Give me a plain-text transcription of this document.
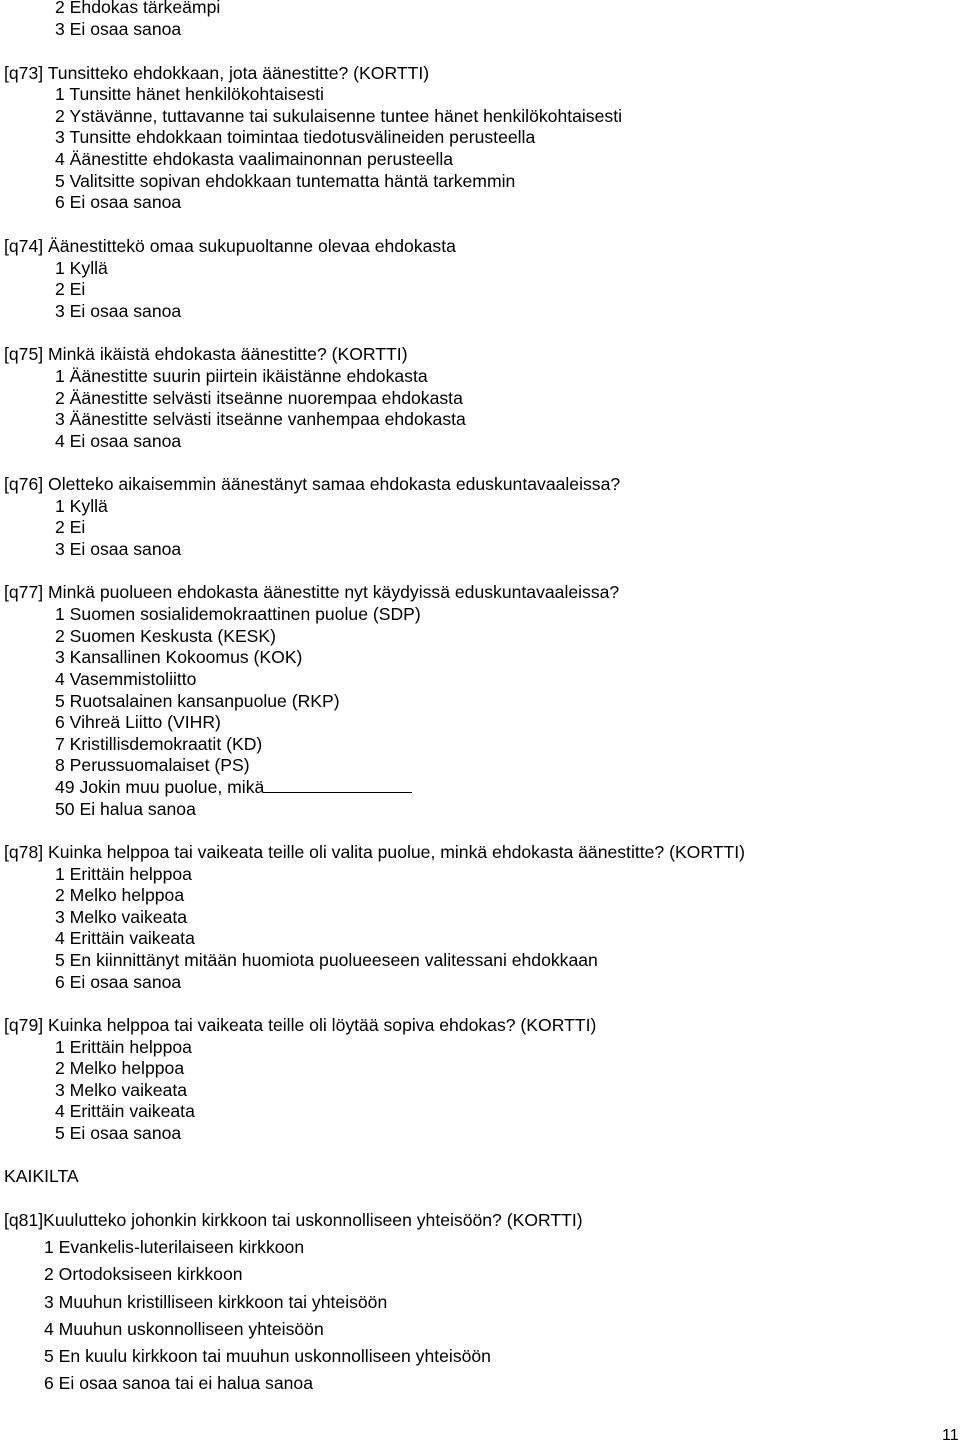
2 Ehdokas tärkeämpi
3 Ei osaa sanoa
[q73] Tunsitteko ehdokkaan, jota äänestitte? (KORTTI)
1 Tunsitte hänet henkilökohtaisesti
2 Ystävänne, tuttavanne tai sukulaisenne tuntee hänet henkilökohtaisesti
3 Tunsitte ehdokkaan toimintaa tiedotusvälineiden perusteella
4 Äänestitte ehdokasta vaalimainonnan perusteella
5 Valitsitte sopivan ehdokkaan tuntematta häntä tarkemmin
6 Ei osaa sanoa
[q74] Äänestittekö omaa sukupuoltanne olevaa ehdokasta
1 Kyllä
2 Ei
3 Ei osaa sanoa
[q75] Minkä ikäistä ehdokasta äänestitte? (KORTTI)
1 Äänestitte suurin piirtein ikäistänne ehdokasta
2 Äänestitte selvästi itseänne nuorempaa ehdokasta
3 Äänestitte selvästi itseänne vanhempaa ehdokasta
4 Ei osaa sanoa
[q76] Oletteko aikaisemmin äänestänyt samaa ehdokasta eduskuntavaaleissa?
1 Kyllä
2 Ei
3 Ei osaa sanoa
[q77] Minkä puolueen ehdokasta äänestitte nyt käydyissä eduskuntavaaleissa?
1 Suomen sosialidemokraattinen puolue (SDP)
2 Suomen Keskusta (KESK)
3 Kansallinen Kokoomus (KOK)
4 Vasemmistoliitto
5 Ruotsalainen kansanpuolue (RKP)
6 Vihreä Liitto (VIHR)
7 Kristillisdemokraatit (KD)
8 Perussuomalaiset (PS)
49 Jokin muu puolue, mikä
50 Ei halua sanoa
[q78] Kuinka helppoa tai vaikeata teille oli valita puolue, minkä ehdokasta äänestitte? (KORTTI)
1 Erittäin helppoa
2 Melko helppoa
3 Melko vaikeata
4 Erittäin vaikeata
5 En kiinnittänyt mitään huomiota puolueeseen valitessani ehdokkaan
6 Ei osaa sanoa
[q79] Kuinka helppoa tai vaikeata teille oli löytää sopiva ehdokas? (KORTTI)
1 Erittäin helppoa
2 Melko helppoa
3 Melko vaikeata
4 Erittäin vaikeata
5 Ei osaa sanoa
KAIKILTA
[q81]Kuulutteko johonkin kirkkoon tai uskonnolliseen yhteisöön? (KORTTI)
1 Evankelis-luterilaiseen kirkkoon
2 Ortodoksiseen kirkkoon
3 Muuhun kristilliseen kirkkoon tai yhteisöön
4 Muuhun uskonnolliseen yhteisöön
5 En kuulu kirkkoon tai muuhun uskonnolliseen yhteisöön
6 Ei osaa sanoa tai ei halua sanoa
11
